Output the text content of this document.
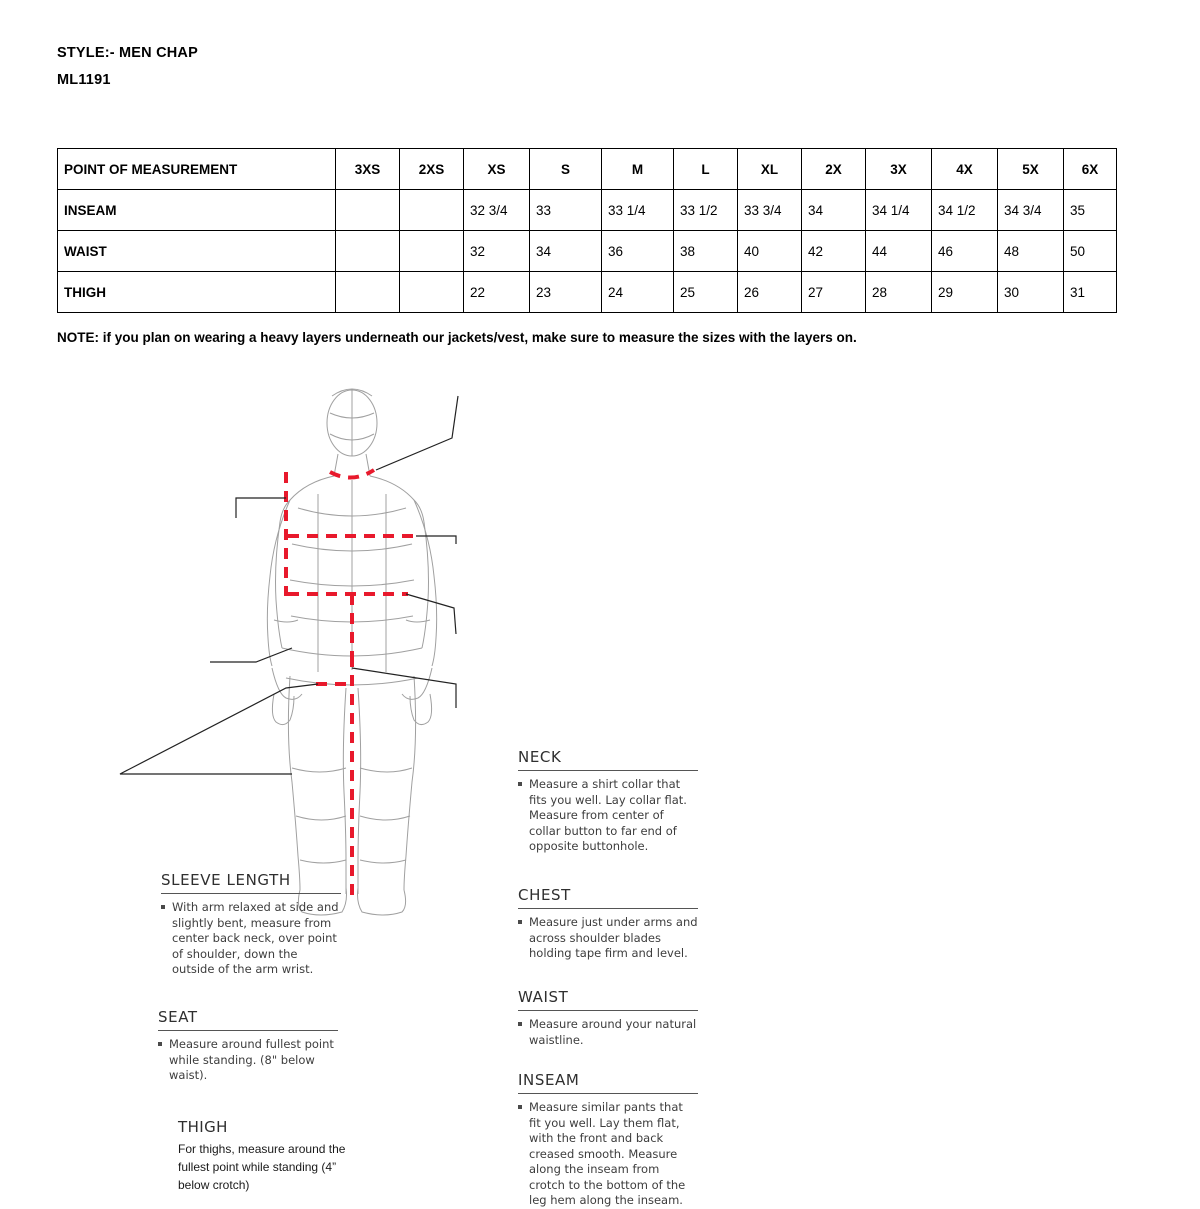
STYLE:- MEN CHAP
ML1191
POINT OF MEASUREMENT	3XS	2XS	XS	S	M	L	XL	2X	3X	4X	5X	6X
INSEAM			32 3/4	33	33 1/4	33 1/2	33 3/4	34	34 1/4	34 1/2	34 3/4	35
WAIST			32	34	36	38	40	42	44	46	48	50
THIGH			22	23	24	25	26	27	28	29	30	31
NOTE: if you plan on wearing a heavy layers underneath our jackets/vest, make sure to measure the sizes with the layers on.
NECK
Measure a shirt collar that fits you well. Lay collar flat. Measure from center of collar button to far end of opposite buttonhole.
CHEST
Measure just under arms and across shoulder blades holding tape firm and level.
WAIST
Measure around your natural waistline.
INSEAM
Measure similar pants that fit you well. Lay them flat, with the front and back creased smooth. Measure along the inseam from crotch to the bottom of the leg hem along the inseam.
SLEEVE LENGTH
With arm relaxed at side and slightly bent, measure from center back neck, over point of shoulder, down the outside of the arm wrist.
SEAT
Measure around fullest point while standing. (8" below waist).
THIGH
For thighs, measure around the fullest point while standing (4” below crotch)
